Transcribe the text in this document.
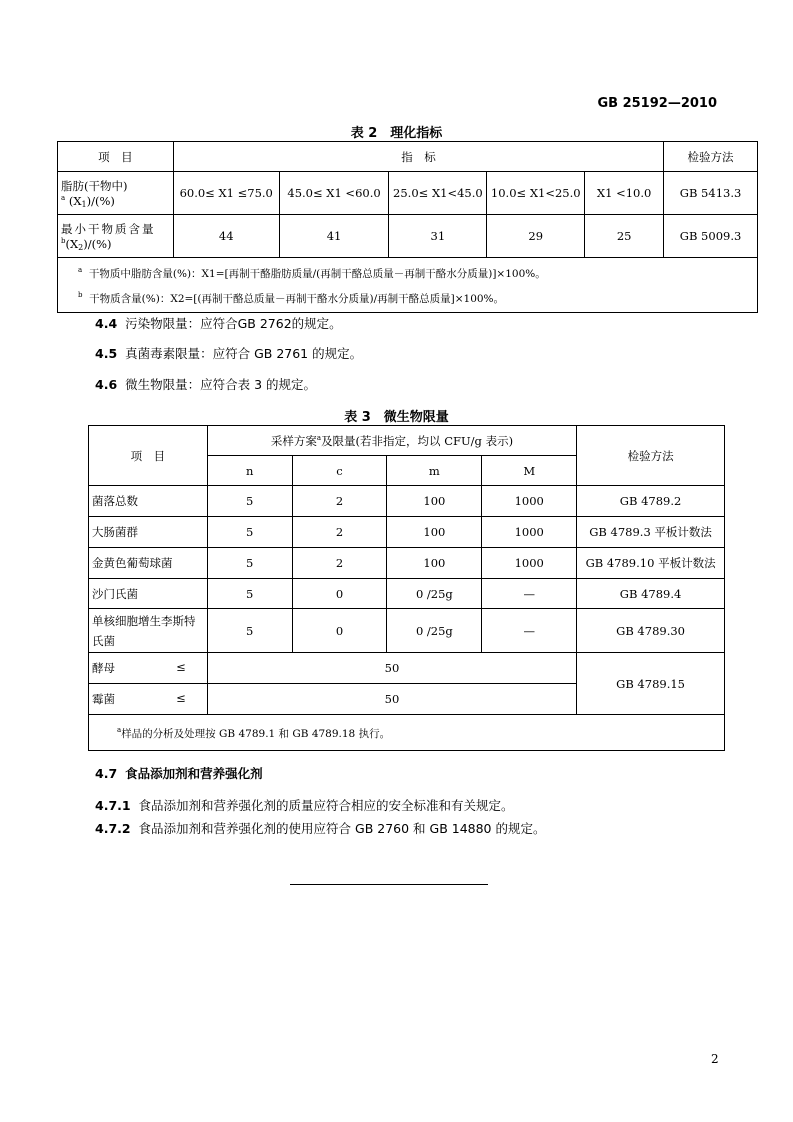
GB 25192—2010
表 2　理化指标
项　目	指　标					检验方法

脂肪(干物中)
$^a$ $(X_1)/(\%)$	60.0≤ X1 ≤75.0	45.0≤ X1 <60.0	25.0≤ X1<45.0	10.0≤ X1<25.0	X1 <10.0	GB 5413.3

最小干物质含量
$^b(X_2)/(\%)$	44	41	31	29	25	GB 5009.3

$^a$ 干物质中脂肪含量(%)：X1=[再制干酪脂肪质量/(再制干酪总质量－再制干酪水分质量)]×100%。
$^b$ 干物质含量(%)：X2=[(再制干酪总质量－再制干酪水分质量)/再制干酪总质量]×100%。						
4.4 污染物限量：应符合GB 2762的规定。
4.5 真菌毒素限量：应符合 GB 2761 的规定。
4.6 微生物限量：应符合表 3 的规定。
表 3　微生物限量
项　目	采样方案$^a$及限量(若非指定，均以 CFU/g 表示)				检验方法
	n	c	m	M	
菌落总数	5	2	100	1000	GB 4789.2
大肠菌群	5	2	100	1000	GB 4789.3 平板计数法
金黄色葡萄球菌	5	2	100	1000	GB 4789.10 平板计数法
沙门氏菌	5	0	0 /25g	—	GB 4789.4
单核细胞增生李斯特氏菌	5	0	0 /25g	—	GB 4789.30
酵母 ≤	50				GB 4789.15
霉菌 ≤	50				
$^a$样品的分析及处理按 GB 4789.1 和 GB 4789.18 执行。					
4.7 食品添加剂和营养强化剂
4.7.1 食品添加剂和营养强化剂的质量应符合相应的安全标准和有关规定。
4.7.2 食品添加剂和营养强化剂的使用应符合 GB 2760 和 GB 14880 的规定。
2
